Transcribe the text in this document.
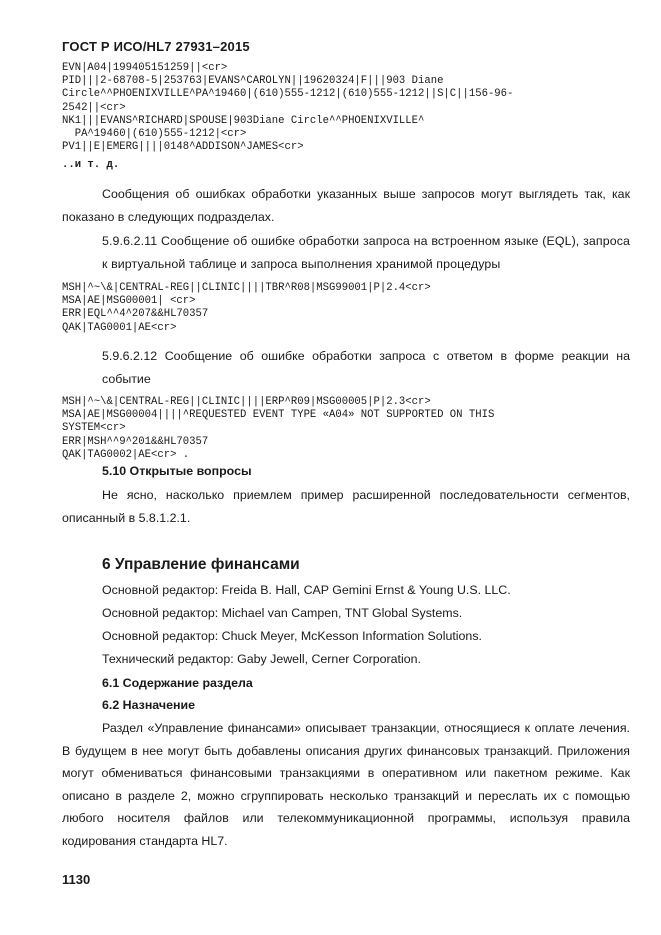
ГОСТ Р ИСО/HL7 27931–2015
EVN|A04|199405151259||<cr>
PID|||2-68708-5|253763|EVANS^CAROLYN||19620324|F|||903 Diane
Circle^^PHOENIXVILLE^PA^19460|(610)555-1212|(610)555-1212||S|C||156-96-
2542||<cr>
NK1|||EVANS^RICHARD|SPOUSE|903Diane Circle^^PHOENIXVILLE^
PA^19460|(610)555-1212|<cr>
PV1||E|EMERG||||0148^ADDISON^JAMES<cr>
..и т. д.
Сообщения об ошибках обработки указанных выше запросов могут выглядеть так, как показано в следующих подразделах.
5.9.6.2.11 Сообщение об ошибке обработки запроса на встроенном языке (EQL), запроса к виртуальной таблице и запроса выполнения хранимой процедуры
MSH|^~\&|CENTRAL-REG||CLINIC||||TBR^R08|MSG99001|P|2.4<cr>
MSA|AE|MSG00001| <cr>
ERR|EQL^^4^207&&HL70357
QAK|TAG0001|AE<cr>
5.9.6.2.12 Сообщение об ошибке обработки запроса с ответом в форме реакции на событие
MSH|^~\&|CENTRAL-REG||CLINIC||||ERP^R09|MSG00005|P|2.3<cr>
MSA|AE|MSG00004||||^REQUESTED EVENT TYPE «A04» NOT SUPPORTED ON THIS
SYSTEM<cr>
ERR|MSH^^9^201&&HL70357
QAK|TAG0002|AE<cr> .
5.10 Открытые вопросы
Не ясно, насколько приемлем пример расширенной последовательности сегментов, описанный в 5.8.1.2.1.
6 Управление финансами
Основной редактор: Freida B. Hall, CAP Gemini Ernst & Young U.S. LLC.
Основной редактор: Michael van Campen, TNT Global Systems.
Основной редактор: Chuck Meyer, McKesson Information Solutions.
Технический редактор: Gaby Jewell, Cerner Corporation.
6.1 Содержание раздела
6.2 Назначение
Раздел «Управление финансами» описывает транзакции, относящиеся к оплате лечения. В будущем в нее могут быть добавлены описания других финансовых транзакций. Приложения могут обмениваться финансовыми транзакциями в оперативном или пакетном режиме. Как описано в разделе 2, можно сгруппировать несколько транзакций и переслать их с помощью любого носителя файлов или телекоммуникационной программы, используя правила кодирования стандарта HL7.
1130
